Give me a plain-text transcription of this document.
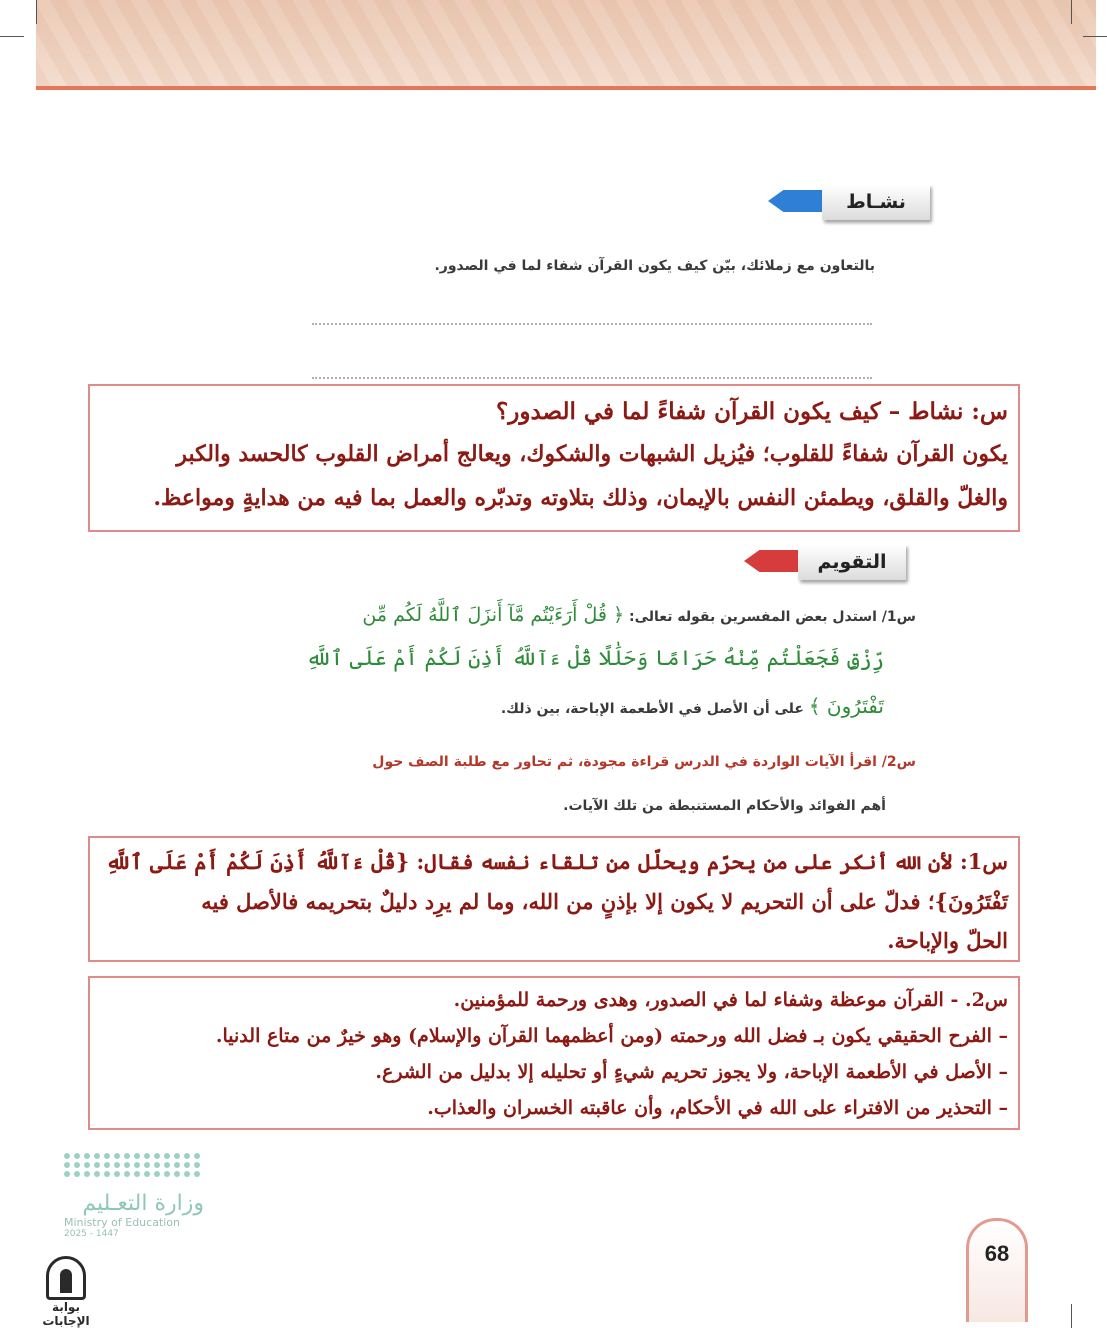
نشـاط
بالتعاون مع زملائك، بيّن كيف يكون القرآن شفاء لما في الصدور.
س: نشاط – كيف يكون القرآن شفاءً لما في الصدور؟
يكون القرآن شفاءً للقلوب؛ فيُزيل الشبهات والشكوك، ويعالج أمراض القلوب كالحسد والكبر
والغلّ والقلق، ويطمئن النفس بالإيمان، وذلك بتلاوته وتدبّره والعمل بما فيه من هدايةٍ ومواعظ.
التقويم
س1/ استدل بعض المفسرين بقوله تعالى: ﴿ قُلْ أَرَءَيْتُم مَّآ أَنزَلَ ٱللَّهُ لَكُم مِّن
رِّزْقٍ فَجَعَلْتُم مِّنْهُ حَرَامًا وَحَلَٰلًا قُلْ ءَآللَّهُ أَذِنَ لَكُمْ أَمْ عَلَى ٱللَّهِ
تَفْتَرُونَ ﴾ على أن الأصل في الأطعمة الإباحة، بين ذلك.
س2/ اقرأ الآيات الواردة في الدرس قراءة مجودة، ثم تحاور مع طلبة الصف حول
أهم الفوائد والأحكام المستنبطة من تلك الآيات.
س1: لأن الله أنكر على من يحرّم ويحلّل من تلقاء نفسه فقال: {قُلْ ءَآللَّهُ أَذِنَ لَكُمْ أَمْ عَلَى ٱللَّهِ
تَفْتَرُونَ}؛ فدلّ على أن التحريم لا يكون إلا بإذنٍ من الله، وما لم يرِد دليلٌ بتحريمه فالأصل فيه
الحلّ والإباحة.
س2. - القرآن موعظة وشفاء لما في الصدور، وهدى ورحمة للمؤمنين.
– الفرح الحقيقي يكون بـ فضل الله ورحمته (ومن أعظمهما القرآن والإسلام) وهو خيرٌ من متاع الدنيا.
– الأصل في الأطعمة الإباحة، ولا يجوز تحريم شيءٍ أو تحليله إلا بدليل من الشرع.
– التحذير من الافتراء على الله في الأحكام، وأن عاقبته الخسران والعذاب.
وزارة التعـليم
Ministry of Education
2025 - 1447
بوابة الإجابات
68
